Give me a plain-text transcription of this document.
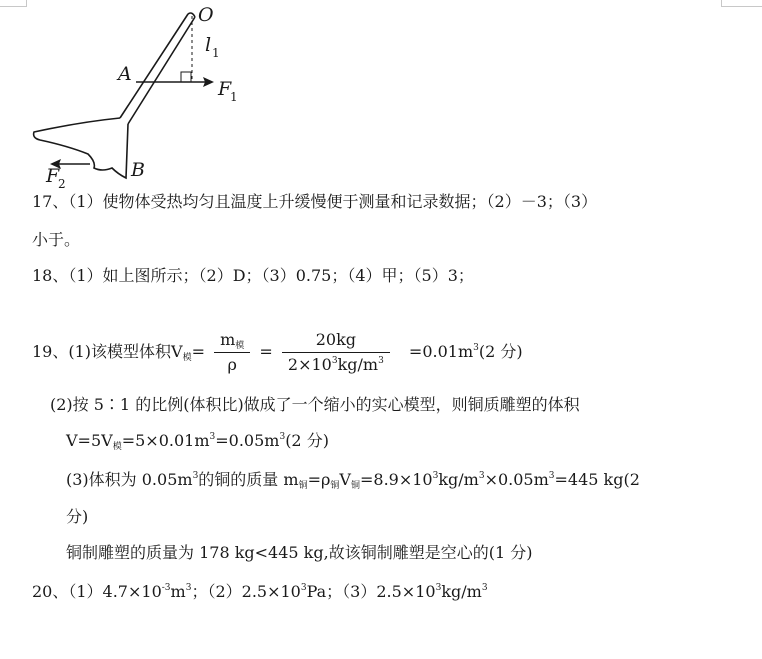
O
A
B
l 1
F
1
F
2
17、（1）使物体受热均匀且温度上升缓慢便于测量和记录数据；（2）－3；（3）
小于。
18、（1）如上图所示；（2）D；（3）0.75；（4）甲；（5）3；
19、(1)该模型体积$V_模= \frac{m_模}{\rho} = \frac{20kg}{2\times 10^3kg/m^3} =0.01m^3(2$ 分)
(2)按 5∶1 的比例(体积比)做成了一个缩小的实心模型，则铜质雕塑的体积
$V=5V_模=5\times 0.01m^3=0.05m^3(2$ 分)
(3)体积为 $0.05m^3$的铜的质量 $m_铜=\rho_铜V_铜=8.9\times 10^3kg/m^3\times 0.05m^3=445$ kg(2
分)
铜制雕塑的质量为 178 kg<445 kg,故该铜制雕塑是空心的(1 分)
20、$(1)4.7\times 10^{-3}m^3$；$(2)2.5\times 10^3Pa$；$(3)2.5\times 10^3kg/m^3$
